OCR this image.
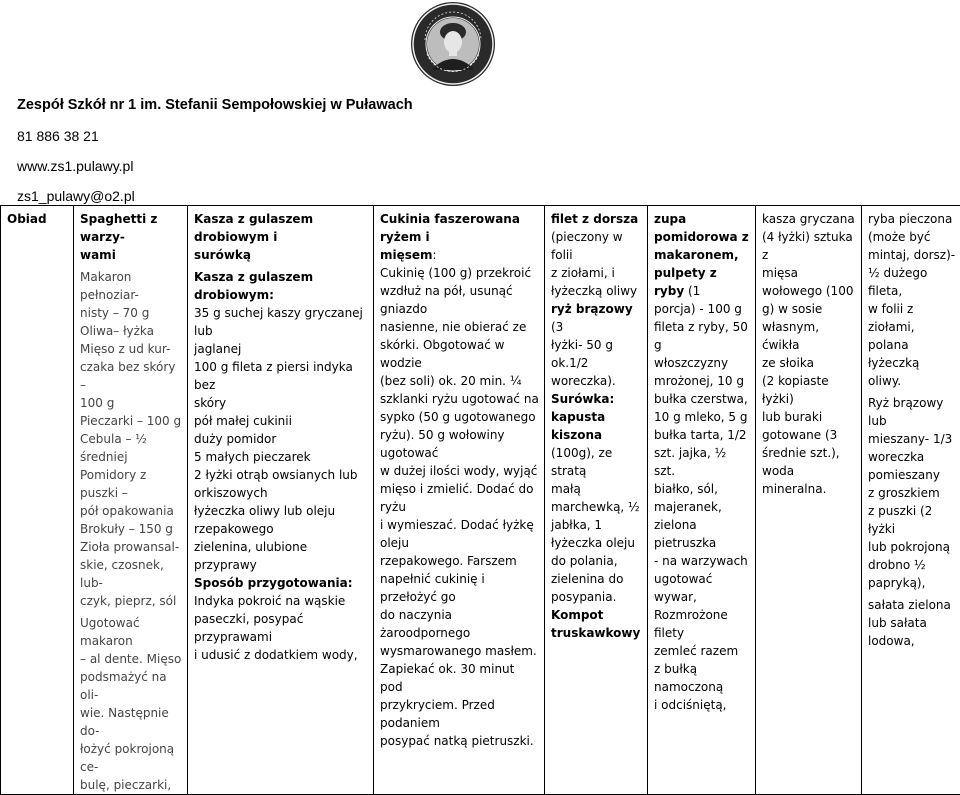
Zespół Szkół nr 1 im. Stefanii Sempołowskiej w Puławach
81 886 38 21
www.zs1.pulawy.pl
zs1_pulawy@o2.pl
Obiad	Spaghetti z warzy-
wami
Makaron pełnoziar-
nisty – 70 g
Oliwa– łyżka
Mięso z ud kur-
czaka bez skóry –
100 g
Pieczarki – 100 g
Cebula – ½ średniej
Pomidory z puszki –
pół opakowania
Brokuły – 150 g
Zioła prowansal-
skie, czosnek, lub-
czyk, pieprz, sól
Ugotować makaron
– al dente. Mięso
podsmażyć na oli-
wie. Następnie do-
łożyć pokrojoną ce-
bulę, pieczarki,

Kasza z gulaszem drobiowym i
surówką
Kasza z gulaszem drobiowym:
35 g suchej kaszy gryczanej lub
jaglanej
100 g fileta z piersi indyka bez
skóry
pół małej cukinii
duży pomidor
5 małych pieczarek
2 łyżki otrąb owsianych lub
orkiszowych
łyżeczka oliwy lub oleju
rzepakowego
zielenina, ulubione przyprawy
Sposób przygotowania:
Indyka pokroić na wąskie
paseczki, posypać przyprawami
i udusić z dodatkiem wody,

Cukinia faszerowana ryżem i
mięsem:
Cukinię (100 g) przekroić
wzdłuż na pół, usunąć gniazdo
nasienne, nie obierać ze
skórki. Obgotować w wodzie
(bez soli) ok. 20 min. ¼
szklanki ryżu ugotować na
sypko (50 g ugotowanego
ryżu). 50 g wołowiny ugotować
w dużej ilości wody, wyjąć
mięso i zmielić. Dodać do ryżu
i wymieszać. Dodać łyżkę oleju
rzepakowego. Farszem
napełnić cukinię i przełożyć go
do naczynia żaroodpornego
wysmarowanego masłem.
Zapiekać ok. 30 minut pod
przykryciem. Przed podaniem
posypać natką pietruszki.

filet z dorsza
(pieczony w folii
z ziołami, i
łyżeczką oliwy
ryż brązowy (3
łyżki- 50 g
ok.1/2
woreczka).
Surówka:
kapusta kiszona
(100g), ze stratą
małą
marchewką, ½
jabłka, 1
łyżeczka oleju
do polania,
zielenina do
posypania.
Kompot
truskawkowy

zupa
pomidorowa z
makaronem,
pulpety z ryby (1
porcja) - 100 g
fileta z ryby, 50 g
włoszczyzny
mrożonej, 10 g
bułka czerstwa,
10 g mleko, 5 g
bułka tarta, 1/2
szt. jajka, ½ szt.
białko, sól,
majeranek,
zielona pietruszka
- na warzywach
ugotować wywar,
Rozmrożone filety
zemleć razem
z bułką
namoczoną
i odciśniętą,

kasza gryczana
(4 łyżki) sztuka z
mięsa
wołowego (100
g) w sosie
własnym, ćwikła
ze słoika
(2 kopiaste łyżki)
lub buraki
gotowane (3
średnie szt.),
woda
mineralna.

ryba pieczona
(może być
mintaj, dorsz)-
½ dużego fileta,
w folii z ziołami,
polana łyżeczką
oliwy.
Ryż brązowy lub
mieszany- 1/3
woreczka
pomieszany
z groszkiem
z puszki (2 łyżki
lub pokrojoną
drobno ½
papryką),
sałata zielona
lub sałata
lodowa,
